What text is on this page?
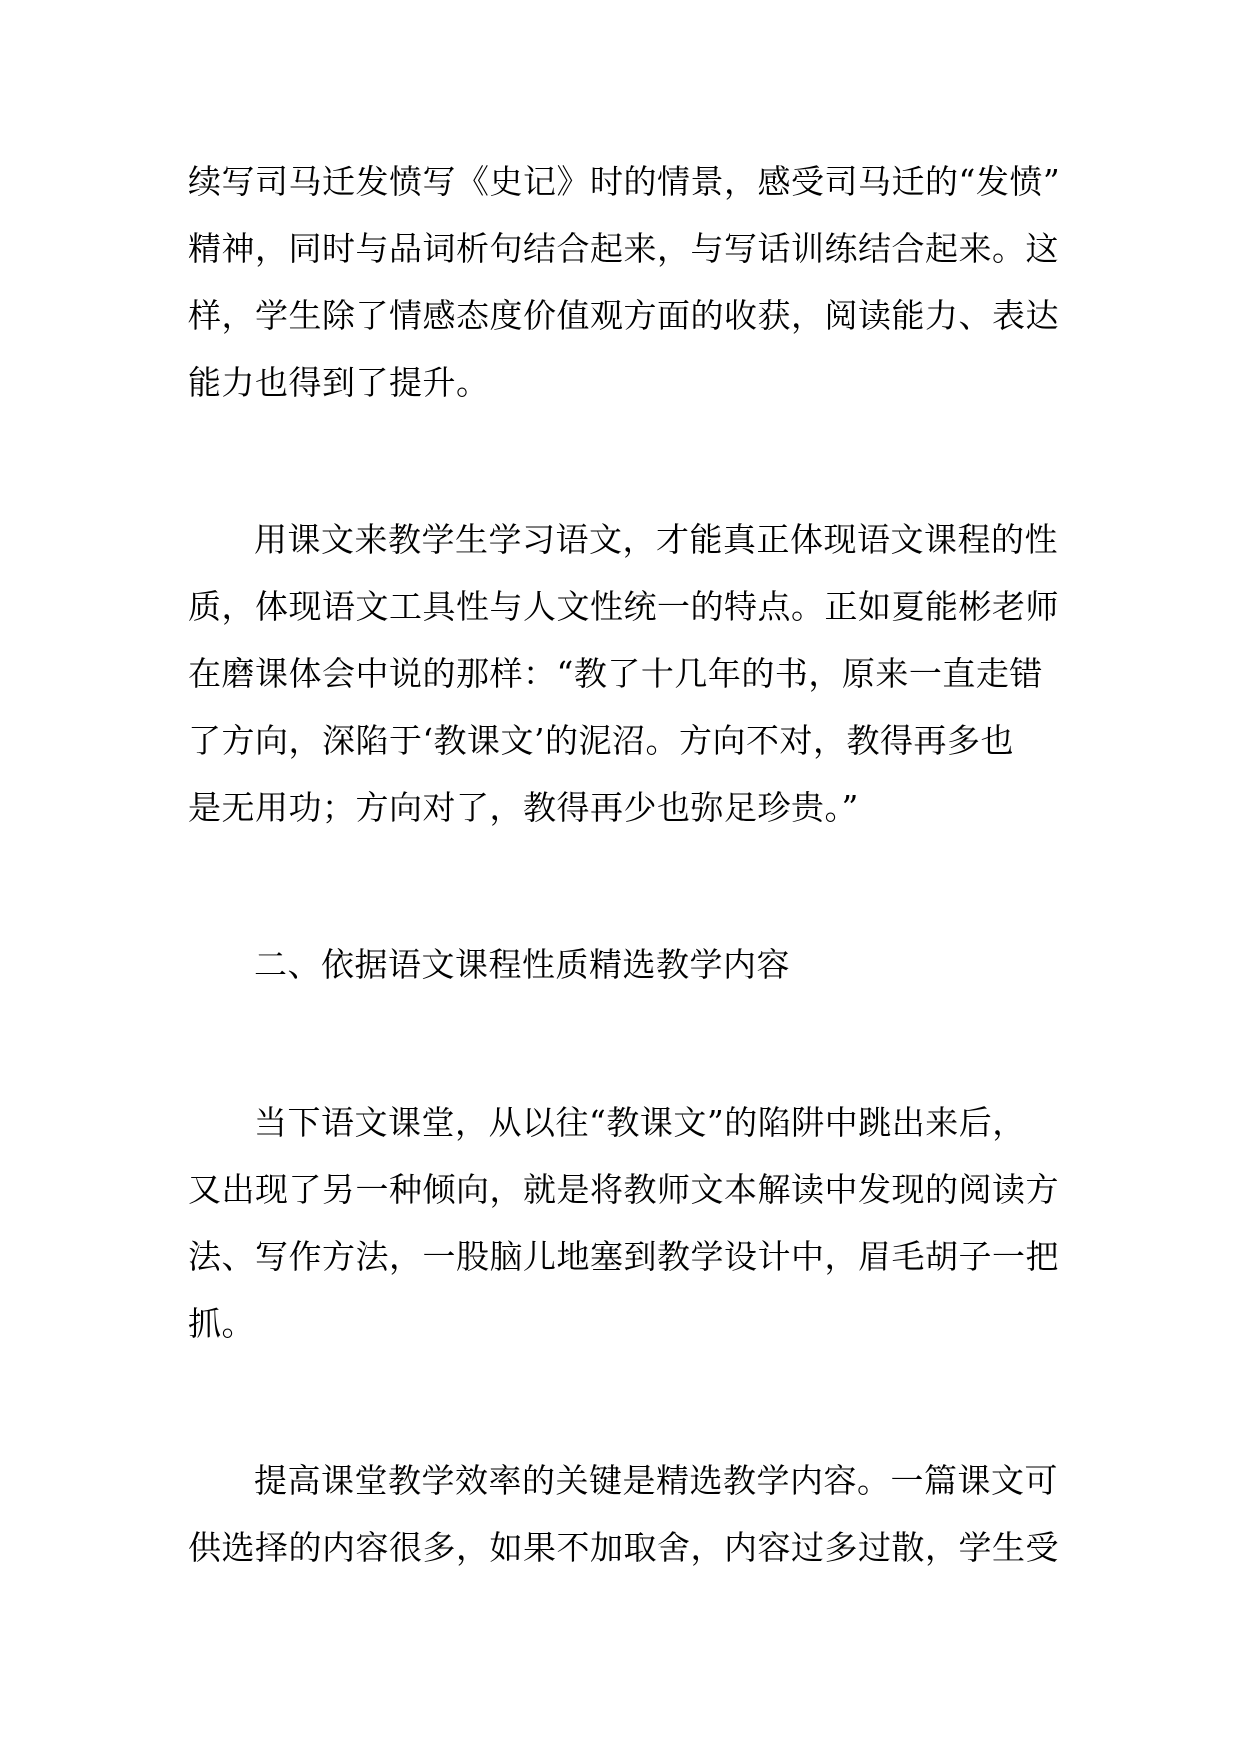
续写司马迁发愤写《史记》时的情景，感受司马迁的“发愤”
精神，同时与品词析句结合起来，与写话训练结合起来。这
样，学生除了情感态度价值观方面的收获，阅读能力、表达
能力也得到了提升。
用课文来教学生学习语文，才能真正体现语文课程的性
质，体现语文工具性与人文性统一的特点。正如夏能彬老师
在磨课体会中说的那样：“教了十几年的书，原来一直走错
了方向，深陷于‘教课文’的泥沼。方向不对，教得再多也
是无用功；方向对了，教得再少也弥足珍贵。”
二、依据语文课程性质精选教学内容
当下语文课堂，从以往“教课文”的陷阱中跳出来后，
又出现了另一种倾向，就是将教师文本解读中发现的阅读方
法、写作方法，一股脑儿地塞到教学设计中，眉毛胡子一把
抓。
提高课堂教学效率的关键是精选教学内容。一篇课文可
供选择的内容很多，如果不加取舍，内容过多过散，学生受
